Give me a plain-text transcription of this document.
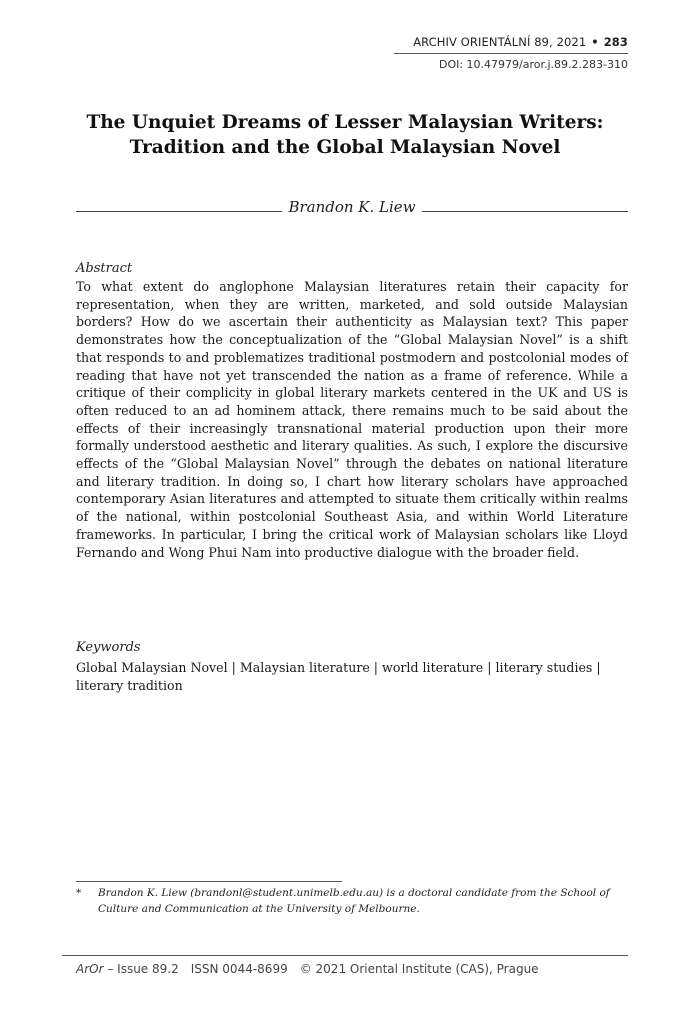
ARCHIV ORIENTÁLNÍ 89, 2021 • 283
DOI: 10.47979/aror.j.89.2.283-310
The Unquiet Dreams of Lesser Malaysian Writers:
Tradition and the Global Malaysian Novel
Brandon K. Liew
Abstract

To what extent do anglophone Malaysian literatures retain their capacity for representation, when they are written, marketed, and sold outside Malaysian borders? How do we ascertain their authenticity as Malaysian text? This paper demonstrates how the conceptualization of the “Global Malaysian Novel” is a shift that responds to and problematizes traditional postmodern and postcolonial modes of reading that have not yet transcended the nation as a frame of reference. While a critique of their complicity in global literary markets centered in the UK and US is often reduced to an ad hominem attack, there remains much to be said about the effects of their increasingly transnational material production upon their more formally understood aesthetic and literary qualities. As such, I explore the discursive effects of the “Global Malaysian Novel” through the debates on national literature and literary tradition. In doing so, I chart how literary scholars have approached contemporary Asian literatures and attempted to situate them critically within realms of the national, within postcolonial Southeast Asia, and within World Literature frameworks. In particular, I bring the critical work of Malaysian scholars like Lloyd Fernando and Wong Phui Nam into productive dialogue with the broader field.

Keywords

Global Malaysian Novel | Malaysian literature | world literature | literary studies | literary tradition

* Brandon K. Liew (brandonl@student.unimelb.edu.au) is a doctoral candidate from the School of Culture and Communication at the University of Melbourne.
ArOr – Issue 89.2 ISSN 0044-8699 © 2021 Oriental Institute (CAS), Prague
